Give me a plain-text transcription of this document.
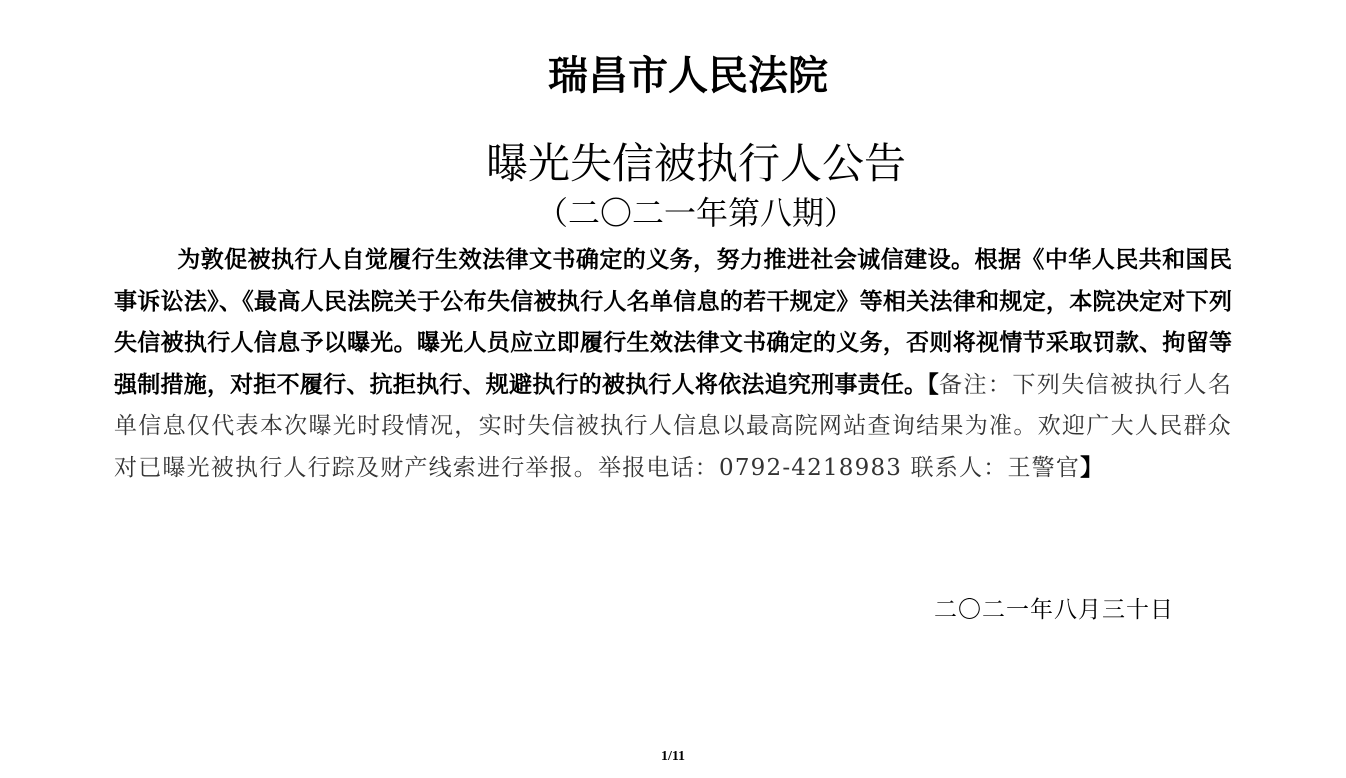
瑞昌市人民法院
曝光失信被执行人公告
（二〇二一年第八期）
为敦促被执行人自觉履行生效法律文书确定的义务，努力推进社会诚信建设。根据《中华人民共和国民事诉讼法》、《最高人民法院关于公布失信被执行人名单信息的若干规定》等相关法律和规定，本院决定对下列失信被执行人信息予以曝光。曝光人员应立即履行生效法律文书确定的义务，否则将视情节采取罚款、拘留等强制措施，对拒不履行、抗拒执行、规避执行的被执行人将依法追究刑事责任。【备注：下列失信被执行人名单信息仅代表本次曝光时段情况，实时失信被执行人信息以最高院网站查询结果为准。欢迎广大人民群众对已曝光被执行人行踪及财产线索进行举报。举报电话：0792-4218983 联系人：王警官】
二〇二一年八月三十日
1/11
